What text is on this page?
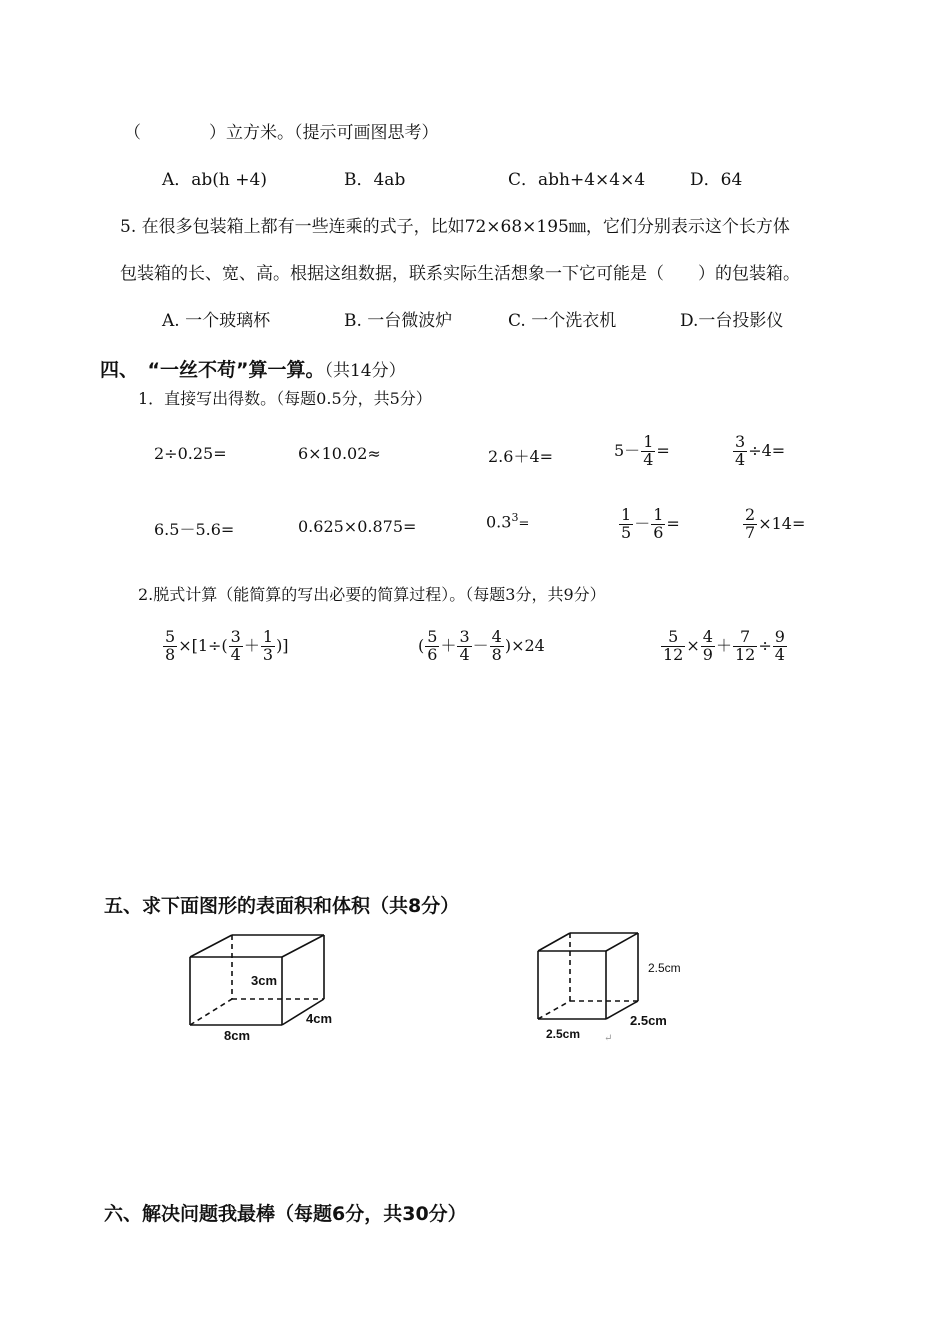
（　　　　）立方米。（提示可画图思考）
A．ab(h +4)	B．4ab	C．abh+4×4×4	D．64
5. 在很多包装箱上都有一些连乘的式子，比如72×68×195㎜，它们分别表示这个长方体
包装箱的长、宽、高。根据这组数据，联系实际生活想象一下它可能是（　　）的包装箱。
A. 一个玻璃杯	B. 一台微波炉	C. 一个洗衣机	D.一台投影仪
四、　“一丝不苟”算一算。（共14分）
1．直接写出得数。（每题0.5分，共5分）
2÷0.25=	6×10.02≈	2.6＋4=	$5- \frac{1}{4}$ =	$\frac{3}{4} \div 4=$
6.5－5.6=	0.625×0.875=	$0.3^3=$	$\frac{1}{5} - \frac{1}{6}$ =	$\frac{2}{7} \times 14=$
2.脱式计算（能简算的写出必要的简算过程）。（每题3分，共9分）
$\frac{5}{8} \times[1\div( \frac{3}{4} + \frac{1}{3}$ )]	( $\frac{5}{6} + \frac{3}{4} - \frac{4}{8} )\times 24$	$\frac{5}{12} \times \frac{4}{9} + \frac{7}{12} \div \frac{9}{4}$
五、求下面图形的表面积和体积（共8分）
3cm
4cm
8cm
2.5cm
2.5cm
2.5cm ↵
六、解决问题我最棒（每题6分，共30分）
